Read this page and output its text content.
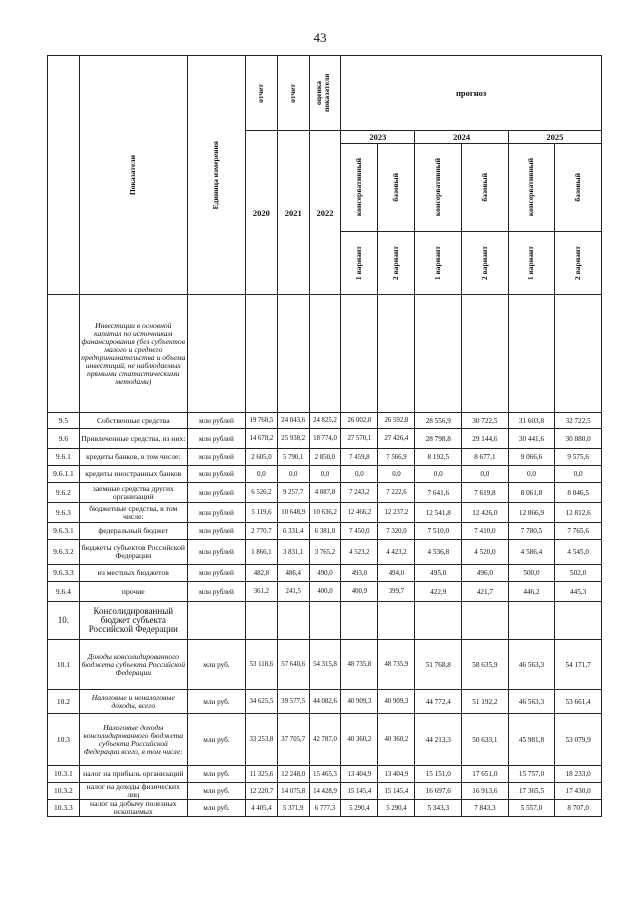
43

	Показатели	Единица измерения	отчет	отчет	оценка показателя	прогноз					
			2020	2021	2022	2023		2024		2025	

						консервативный	базовый	консервативный	базовый	консервативный	базовый

						1 вариант	2 вариант	1 вариант	2 вариант	1 вариант	2 вариант

	Инвестиции в основной капитал по источникам финансирования (без субъектов малого и среднего предпринимательства и объема инвестиций, не наблюдаемых прямыми статистическими методами)										
9.5	Собственные средства	млн рублей	19 768,5	24 843,6	24 825,2	26 002,8	26 592,8	28 556,9	30 722,5	31 603,8	32 722,5
9.6	Привлеченные средства, из них:	млн рублей	14 678,2	25 938,2	18 774,0	27 570,1	27 426,4	28 798,8	29 144,6	30 441,6	30 880,0
9.6.1	кредиты банков, в том числе:	млн рублей	2 605,0	5 790,1	2 850,0	7 459,8	7 566,9	8 192,5	8 677,1	9 066,6	9 575,6
9.6.1.1	кредиты иностранных банков	млн рублей	0,0	0,0	0,0	0,0	0,0	0,0	0,0	0,0	0,0
9.6.2	заемные средства других организаций	млн рублей	6 526,2	9 257,7	4 887,8	7 243,2	7 222,6	7 641,6	7 619,8	8 061,8	8 046,5
9.6.3	бюджетные средства, в том числе:	млн рублей	5 119,6	10 648,9	10 636,2	12 466,2	12 237,2	12 541,8	12 426,0	12 866,9	12 812,6
9.6.3.1	федеральный бюджет	млн рублей	2 770,7	6 331,4	6 381,0	7 450,0	7 320,0	7 510,0	7 410,0	7 780,5	7 765,6
9.6.3.2	бюджеты субъектов Российской Федерации	млн рублей	1 866,1	3 831,1	3 765,2	4 523,2	4 423,2	4 536,8	4 520,0	4 586,4	4 545,0
9.6.3.3	из местных бюджетов	млн рублей	482,8	486,4	490,0	493,0	494,0	495,0	496,0	500,0	502,0
9.6.4	прочие	млн рублей	361,2	241,5	400,0	400,9	399,7	422,9	421,7	446,2	445,3
10.	Консолидированный бюджет субъекта Российской Федерации										
10.1	Доходы консолидированного бюджета субъекта Российской Федерации	млн руб.	53 118,6	57 640,6	54 315,8	48 735,8	48 735,9	51 768,8	58 635,9	46 563,3	54 171,7
10.2	Налоговые и неналоговые доходы, всего	млн руб.	34 625,5	39 577,5	44 082,6	40 909,3	40 909,3	44 772,4	51 192,2	46 563,3	53 661,4
10.3	Налоговые доходы консолидированного бюджета субъекта Российской Федерации всего, в том числе:	млн руб.	33 253,8	37 705,7	42 787,0	40 360,2	40 360,2	44 213,3	50 633,1	45 981,8	53 079,9
10.3.1	налог на прибыль организаций	млн руб.	11 325,6	12 248,0	15 465,3	13 404,9	13 404,9	15 151,0	17 651,0	15 757,0	18 233,0
10.3.2	налог на доходы физических лиц	млн руб.	12 220,7	14 075,8	14 428,9	15 145,4	15 145,4	16 697,6	16 913,6	17 365,5	17 430,0
10.3.3	налог на добычу полезных ископаемых	млн руб.	4 405,4	5 371,9	6 777,3	5 290,4	5 290,4	5 343,3	7 843,3	5 557,0	8 707,0
